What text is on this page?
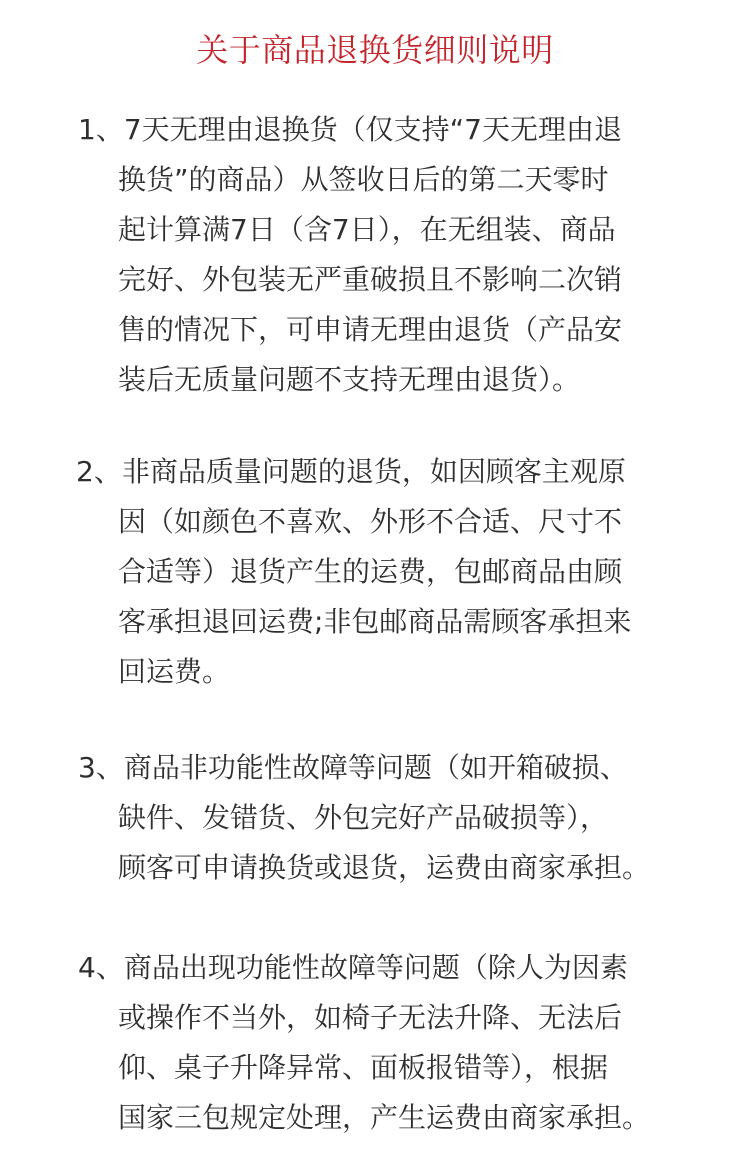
关于商品退换货细则说明
1、7天无理由退换货（仅支持“7天无理由退
换货”的商品）从签收日后的第二天零时
起计算满7日（含7日），在无组装、商品
完好、外包装无严重破损且不影响二次销
售的情况下，可申请无理由退货（产品安
装后无质量问题不支持无理由退货）。
2、非商品质量问题的退货，如因顾客主观原
因（如颜色不喜欢、外形不合适、尺寸不
合适等）退货产生的运费，包邮商品由顾
客承担退回运费;非包邮商品需顾客承担来
回运费。
3、商品非功能性故障等问题（如开箱破损、
缺件、发错货、外包完好产品破损等），
顾客可申请换货或退货，运费由商家承担。
4、商品出现功能性故障等问题（除人为因素
或操作不当外，如椅子无法升降、无法后
仰、桌子升降异常、面板报错等），根据
国家三包规定处理，产生运费由商家承担。
